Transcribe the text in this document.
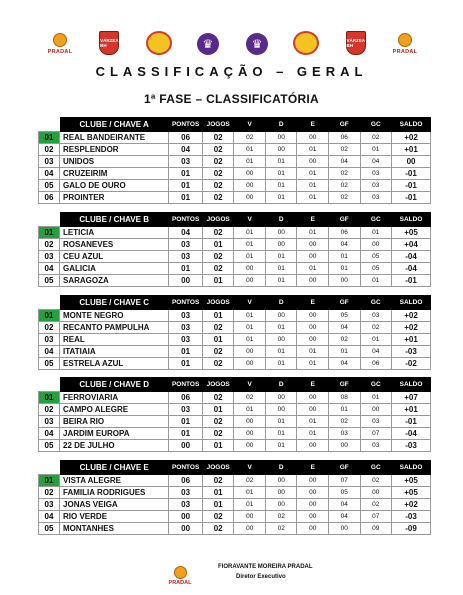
PRADAL
VÁRZEA BH	♛	♛	VÁRZEA BH
PRADAL
CLASSIFICAÇÃO – GERAL
1ª FASE – CLASSIFICATÓRIA
	CLUBE / CHAVE A	PONTOS	JOGOS	V	D	E	GF	GC	SALDO
01	REAL BANDEIRANTE	06	02	02	00	00	06	02	+02
02	RESPLENDOR	04	02	01	00	01	02	01	+01
03	UNIDOS	03	02	01	01	00	04	04	00
04	CRUZEIRIM	01	02	00	01	01	02	03	-01
05	GALO DE OURO	01	02	00	01	01	02	03	-01
06	PROINTER	01	02	00	01	01	02	03	-01
	CLUBE / CHAVE B	PONTOS	JOGOS	V	D	E	GF	GC	SALDO
01	LETICIA	04	02	01	00	01	06	01	+05
02	ROSANEVES	03	01	01	00	00	04	00	+04
03	CEU AZUL	03	02	01	01	00	01	05	-04
04	GALICIA	01	02	00	01	01	01	05	-04
05	SARAGOZA	00	01	00	01	00	00	01	-01
	CLUBE / CHAVE C	PONTOS	JOGOS	V	D	E	GF	GC	SALDO
01	MONTE NEGRO	03	01	01	00	00	05	03	+02
02	RECANTO PAMPULHA	03	02	01	01	00	04	02	+02
03	REAL	03	01	01	00	00	02	01	+01
04	ITATIAIA	01	02	00	01	01	01	04	-03
05	ESTRELA AZUL	01	02	00	01	01	04	06	-02
	CLUBE / CHAVE D	PONTOS	JOGOS	V	D	E	GF	GC	SALDO
01	FERROVIARIA	06	02	02	00	00	08	01	+07
02	CAMPO ALEGRE	03	01	01	00	00	01	00	+01
03	BEIRA RIO	01	02	00	01	01	02	03	-01
04	JARDIM EUROPA	01	02	00	01	01	03	07	-04
05	22 DE JULHO	00	01	00	01	00	00	03	-03
	CLUBE / CHAVE E	PONTOS	JOGOS	V	D	E	GF	GC	SALDO
01	VISTA ALEGRE	06	02	02	00	00	07	02	+05
02	FAMILIA RODRIGUES	03	01	01	00	00	05	00	+05
03	JONAS VEIGA	03	01	01	00	00	04	02	+02
04	RIO VERDE	00	02	00	02	00	04	07	-03
05	MONTANHES	00	02	00	02	00	00	09	-09
PRADAL
FIORAVANTE MOREIRA PRADAL
Diretor Executivo
